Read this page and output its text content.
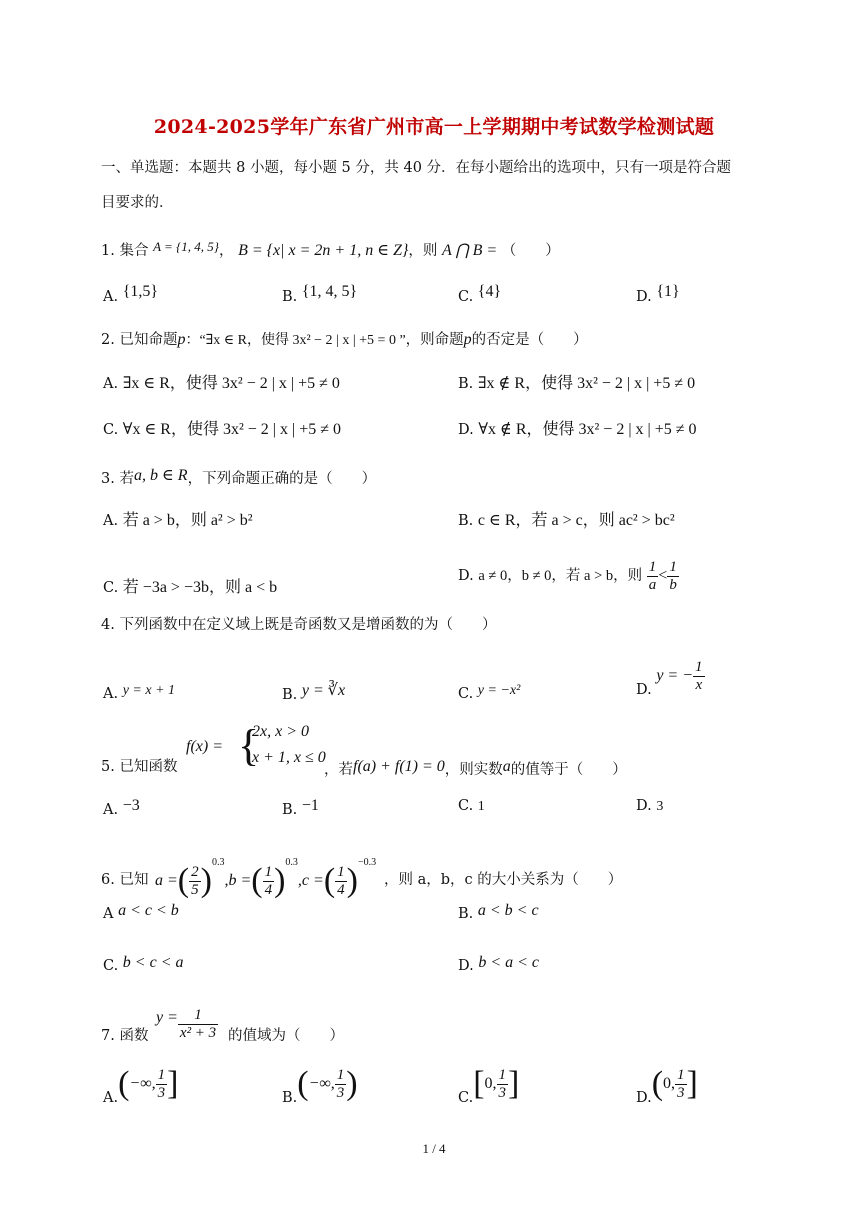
2024-2025学年广东省广州市高一上学期期中考试数学检测试题
一、单选题：本题共 8 小题，每小题 5 分，共 40 分．在每小题给出的选项中，只有一项是符合题
目要求的．
1. 集合 A = {1, 4, 5}， B = {x| x = 2n + 1, n ∈ Z}，则 A ⋂ B = （　　）
A. {1,5}	B. {1, 4, 5}	C. {4}	D. {1}
2. 已知命题p：“∃x ∈ R，使得 3x² − 2 | x | +5 = 0 ”，则命题p的否定是（　　）
A. ∃x ∈ R，使得 3x² − 2 | x | +5 ≠ 0	B. ∃x ∉ R，使得 3x² − 2 | x | +5 ≠ 0
C. ∀x ∈ R，使得 3x² − 2 | x | +5 ≠ 0	D. ∀x ∉ R，使得 3x² − 2 | x | +5 ≠ 0
3. 若a, b ∈ R，下列命题正确的是（　　）
A. 若 a > b，则 a² > b²	B. c ∈ R，若 a > c，则 ac² > bc²
C. 若 −3a > −3b，则 a < b
D. a ≠ 0，b ≠ 0，若 a > b，则 $\frac{1}{a} < \frac{1}{b}$
4. 下列函数中在定义域上既是奇函数又是增函数的为（　　）
A. y = x + 1	B. y = ∛x	C. y = −x²	D. y = − $\frac{1}{x}$
5. 已知函数
f(x) = {
2x, x > 0
x + 1, x ≤ 0
，若f(a) + f(1) = 0，则实数a的值等于（　　）
A. −3	B. −1	C. 1	D. 3
6. 已知 a =( $\frac{2}{5} )^{0.3},b$ =( $\frac{1}{4} )^{0.3},c$ =( $\frac{1}{4} )^{-0.3}$
，则 a，b，c 的大小关系为（　　）
A a < c < b	B. a < b < c
C. b < c < a	D. b < a < c
7. 函数
$y = \frac{1}{\text{x² + 3}}$ 的值域为（　　）
A.(−∞, $\frac{1}{3}$ ]	B.(−∞, $\frac{1}{3}$ )	C.[0, $\frac{1}{3}$ ]	D.(0, $\frac{1}{3}$ ]
1 / 4
